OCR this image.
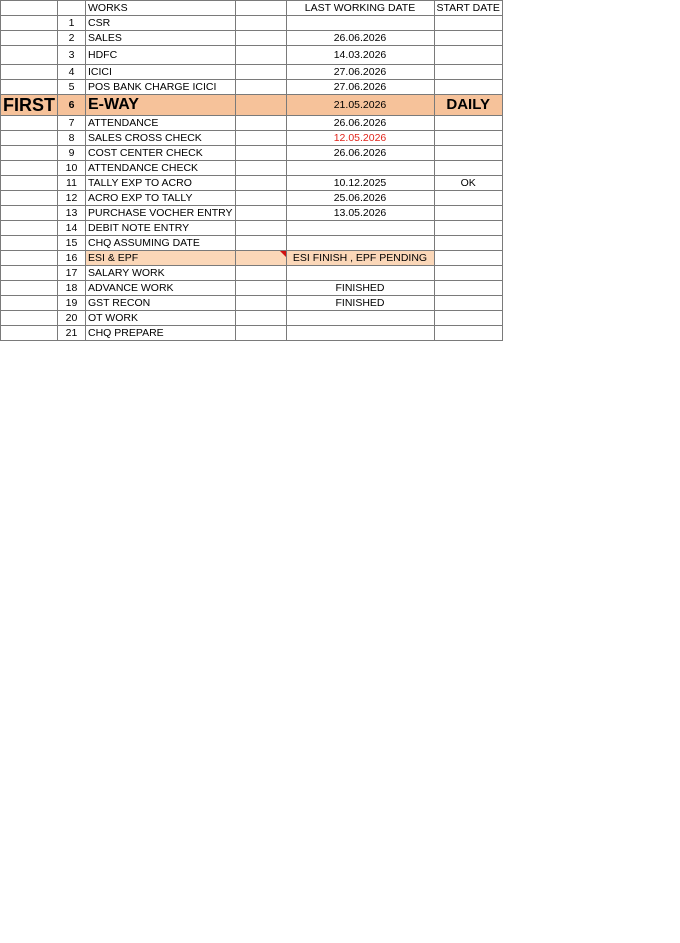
		WORKS		LAST WORKING DATE	START DATE
	1	CSR			
	2	SALES		26.06.2026	
	3	HDFC		14.03.2026	
	4	ICICI		27.06.2026	
	5	POS BANK CHARGE ICICI		27.06.2026	
FIRST	6	E-WAY		21.05.2026	DAILY
	7	ATTENDANCE		26.06.2026	
	8	SALES CROSS CHECK		12.05.2026	
	9	COST CENTER CHECK		26.06.2026	
	10	ATTENDANCE CHECK			
	11	TALLY EXP TO ACRO		10.12.2025	OK
	12	ACRO EXP TO TALLY		25.06.2026	
	13	PURCHASE VOCHER ENTRY		13.05.2026	
	14	DEBIT NOTE ENTRY			
	15	CHQ ASSUMING DATE			
	16	ESI & EPF		ESI FINISH , EPF PENDING	
	17	SALARY WORK			
	18	ADVANCE WORK		FINISHED	
	19	GST RECON		FINISHED	
	20	OT WORK			
	21	CHQ PREPARE			
